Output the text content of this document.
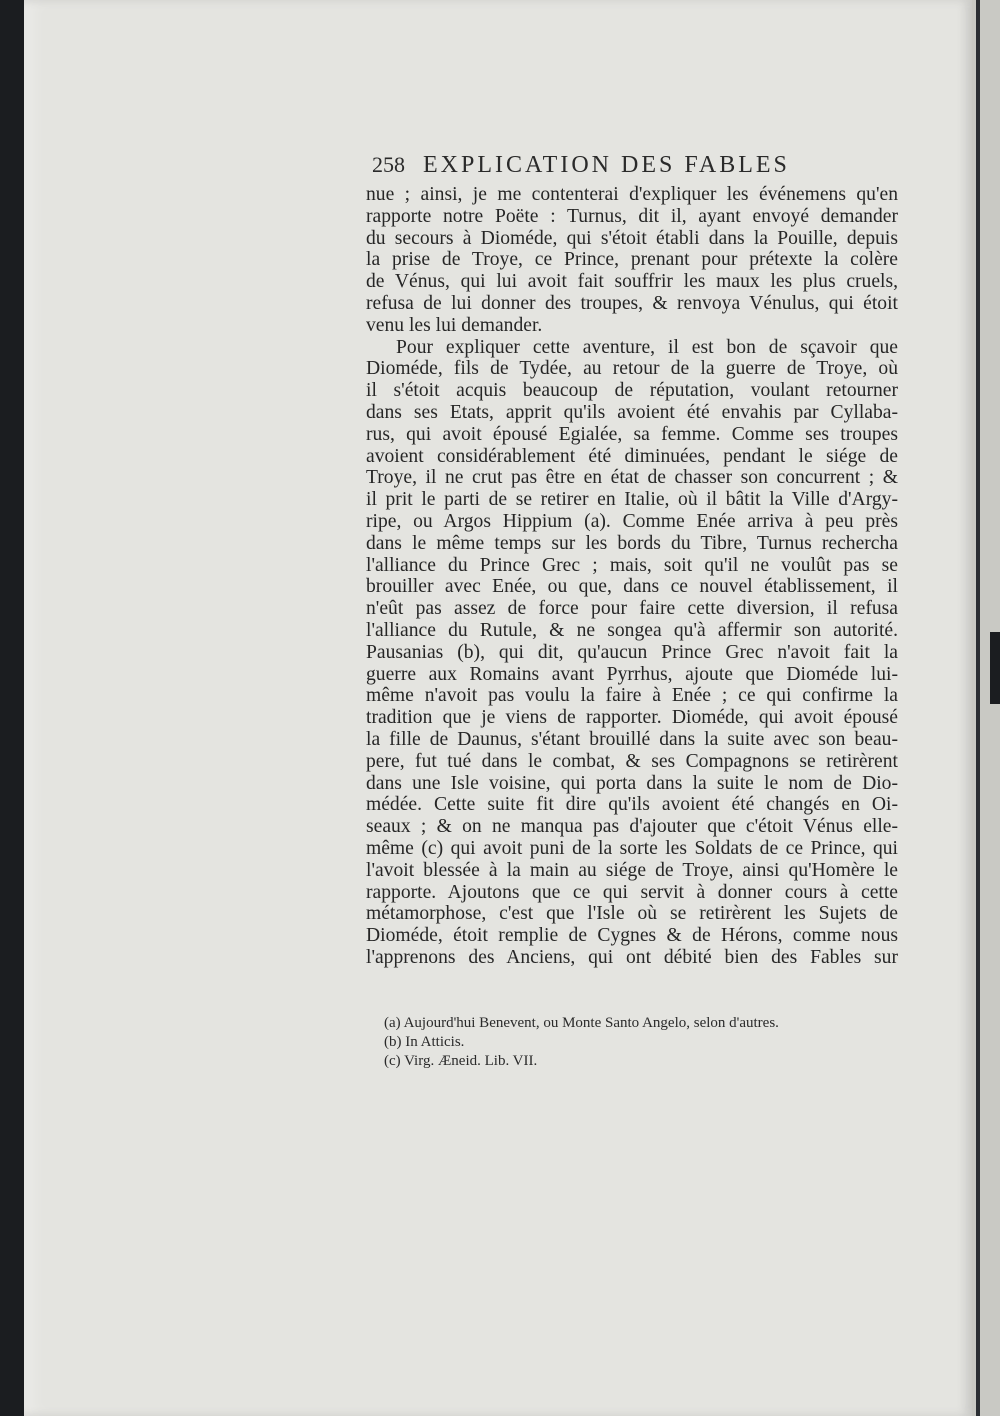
258 EXPLICATION DES FABLES
nue ; ainsi, je me contenterai d'expliquer les événemens qu'en
rapporte notre Poëte : Turnus, dit il, ayant envoyé demander
du secours à Dioméde, qui s'étoit établi dans la Pouille, depuis
la prise de Troye, ce Prince, prenant pour prétexte la colère
de Vénus, qui lui avoit fait souffrir les maux les plus cruels,
refusa de lui donner des troupes, & renvoya Vénulus, qui étoit
venu les lui demander.
Pour expliquer cette aventure, il est bon de sçavoir que
Dioméde, fils de Tydée, au retour de la guerre de Troye, où
il s'étoit acquis beaucoup de réputation, voulant retourner
dans ses Etats, apprit qu'ils avoient été envahis par Cyllaba-
rus, qui avoit épousé Egialée, sa femme. Comme ses troupes
avoient considérablement été diminuées, pendant le siége de
Troye, il ne crut pas être en état de chasser son concurrent ; &
il prit le parti de se retirer en Italie, où il bâtit la Ville d'Argy-
ripe, ou Argos Hippium (a). Comme Enée arriva à peu près
dans le même temps sur les bords du Tibre, Turnus rechercha
l'alliance du Prince Grec ; mais, soit qu'il ne voulût pas se
brouiller avec Enée, ou que, dans ce nouvel établissement, il
n'eût pas assez de force pour faire cette diversion, il refusa
l'alliance du Rutule, & ne songea qu'à affermir son autorité.
Pausanias (b), qui dit, qu'aucun Prince Grec n'avoit fait la
guerre aux Romains avant Pyrrhus, ajoute que Dioméde lui-
même n'avoit pas voulu la faire à Enée ; ce qui confirme la
tradition que je viens de rapporter. Dioméde, qui avoit épousé
la fille de Daunus, s'étant brouillé dans la suite avec son beau-
pere, fut tué dans le combat, & ses Compagnons se retirèrent
dans une Isle voisine, qui porta dans la suite le nom de Dio-
médée. Cette suite fit dire qu'ils avoient été changés en Oi-
seaux ; & on ne manqua pas d'ajouter que c'étoit Vénus elle-
même (c) qui avoit puni de la sorte les Soldats de ce Prince, qui
l'avoit blessée à la main au siége de Troye, ainsi qu'Homère le
rapporte. Ajoutons que ce qui servit à donner cours à cette
métamorphose, c'est que l'Isle où se retirèrent les Sujets de
Dioméde, étoit remplie de Cygnes & de Hérons, comme nous
l'apprenons des Anciens, qui ont débité bien des Fables sur
(a) Aujourd'hui Benevent, ou Monte Santo Angelo, selon d'autres.
(b) In Atticis.
(c) Virg. Æneid. Lib. VII.
